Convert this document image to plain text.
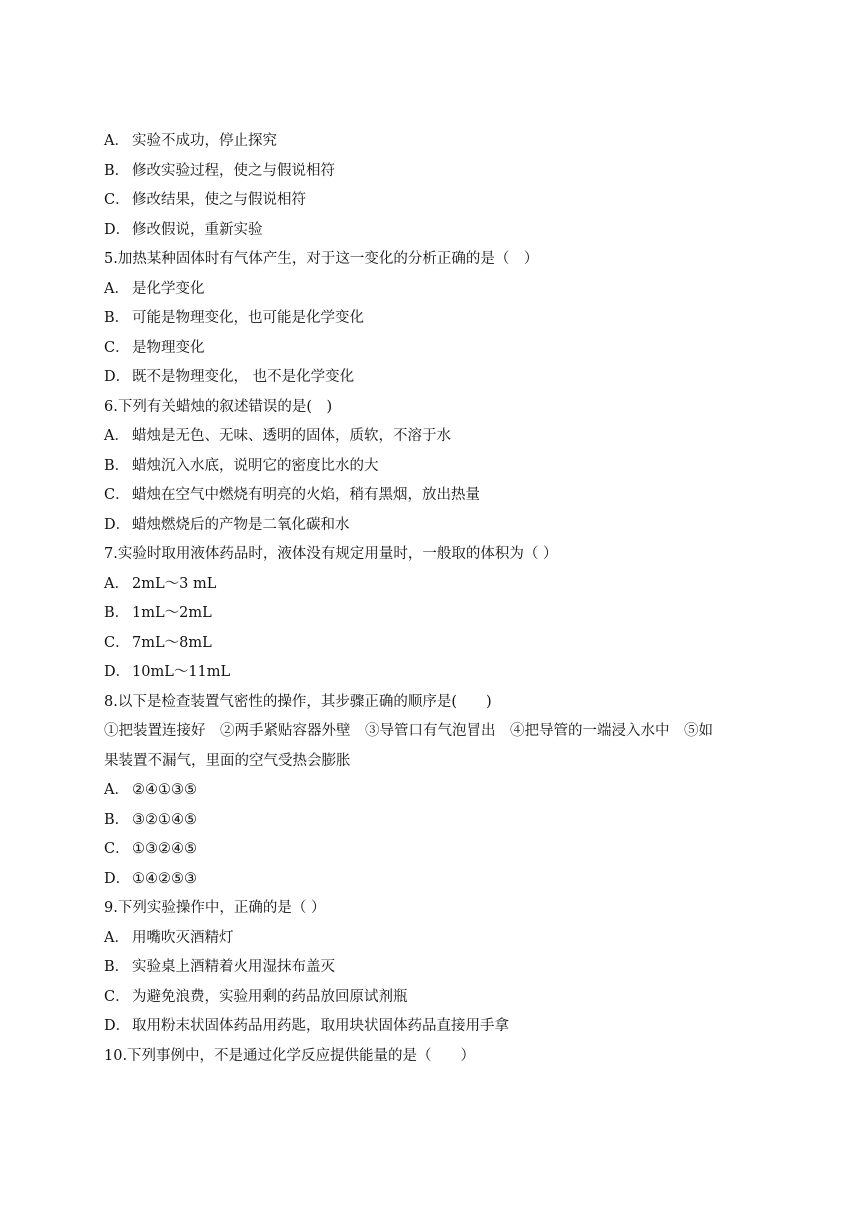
A． 实验不成功，停止探究
B． 修改实验过程，使之与假说相符
C． 修改结果，使之与假说相符
D． 修改假说，重新实验
5.加热某种固体时有气体产生，对于这一变化的分析正确的是（　）
A． 是化学变化
B． 可能是物理变化，也可能是化学变化
C． 是物理变化
D． 既不是物理变化， 也不是化学变化
6.下列有关蜡烛的叙述错误的是(　)
A． 蜡烛是无色、无味、透明的固体，质软，不溶于水
B． 蜡烛沉入水底，说明它的密度比水的大
C． 蜡烛在空气中燃烧有明亮的火焰，稍有黑烟，放出热量
D． 蜡烛燃烧后的产物是二氧化碳和水
7.实验时取用液体药品时，液体没有规定用量时，一般取的体积为（ ）
A． 2mL～3 mL
B． 1mL～2mL
C． 7mL～8mL
D． 10mL～11mL
8.以下是检查装置气密性的操作，其步骤正确的顺序是(　　)
①把装置连接好　②两手紧贴容器外壁　③导管口有气泡冒出　④把导管的一端浸入水中　⑤如
果装置不漏气，里面的空气受热会膨胀
A． ②④①③⑤
B． ③②①④⑤
C． ①③②④⑤
D． ①④②⑤③
9.下列实验操作中，正确的是（ ）
A． 用嘴吹灭酒精灯
B． 实验桌上酒精着火用湿抹布盖灭
C． 为避免浪费，实验用剩的药品放回原试剂瓶
D． 取用粉末状固体药品用药匙，取用块状固体药品直接用手拿
10.下列事例中，不是通过化学反应提供能量的是（　　）
